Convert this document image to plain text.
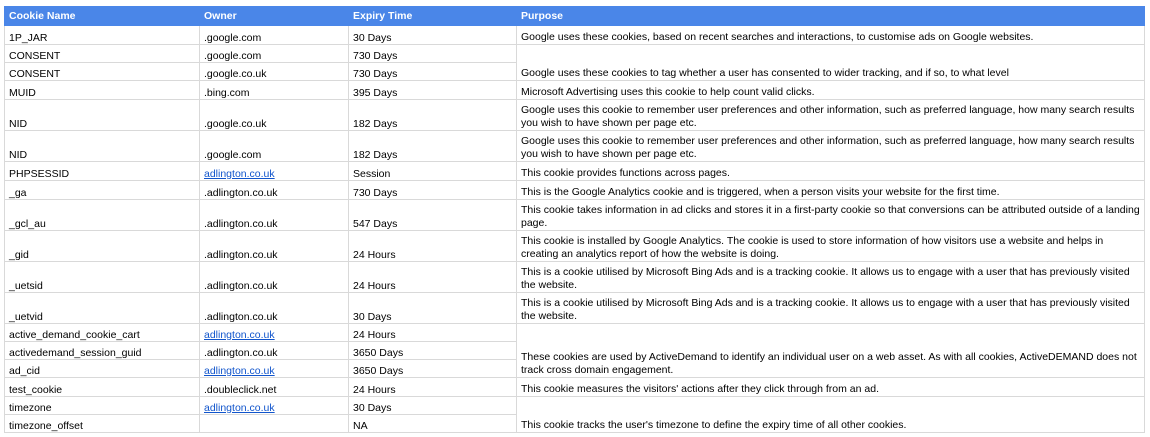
Cookie Name	Owner	Expiry Time	Purpose
1P_JAR	.google.com	30 Days	Google uses these cookies, based on recent searches and interactions, to customise ads on Google websites.
CONSENT	.google.com	730 Days	Google uses these cookies to tag whether a user has consented to wider tracking, and if so, to what level
CONSENT	.google.co.uk	730 Days	
MUID	.bing.com	395 Days	Microsoft Advertising uses this cookie to help count valid clicks.
NID	.google.co.uk	182 Days	Google uses this cookie to remember user preferences and other information, such as preferred language, how many search results you wish to have shown per page etc.
NID	.google.com	182 Days	Google uses this cookie to remember user preferences and other information, such as preferred language, how many search results you wish to have shown per page etc.
PHPSESSID	adlington.co.uk	Session	This cookie provides functions across pages.
_ga	.adlington.co.uk	730 Days	This is the Google Analytics cookie and is triggered, when a person visits your website for the first time.
_gcl_au	.adlington.co.uk	547 Days	This cookie takes information in ad clicks and stores it in a first-party cookie so that conversions can be attributed outside of a landing page.
_gid	.adlington.co.uk	24 Hours	This cookie is installed by Google Analytics. The cookie is used to store information of how visitors use a website and helps in creating an analytics report of how the website is doing.
_uetsid	.adlington.co.uk	24 Hours	This is a cookie utilised by Microsoft Bing Ads and is a tracking cookie. It allows us to engage with a user that has previously visited the website.
_uetvid	.adlington.co.uk	30 Days	This is a cookie utilised by Microsoft Bing Ads and is a tracking cookie. It allows us to engage with a user that has previously visited the website.
active_demand_cookie_cart	adlington.co.uk	24 Hours	These cookies are used by ActiveDemand to identify an individual user on a web asset. As with all cookies, ActiveDEMAND does not track cross domain engagement.
activedemand_session_guid	.adlington.co.uk	3650 Days	
ad_cid	adlington.co.uk	3650 Days	
test_cookie	.doubleclick.net	24 Hours	This cookie measures the visitors' actions after they click through from an ad.
timezone	adlington.co.uk	30 Days	This cookie tracks the user's timezone to define the expiry time of all other cookies.
timezone_offset		NA	
